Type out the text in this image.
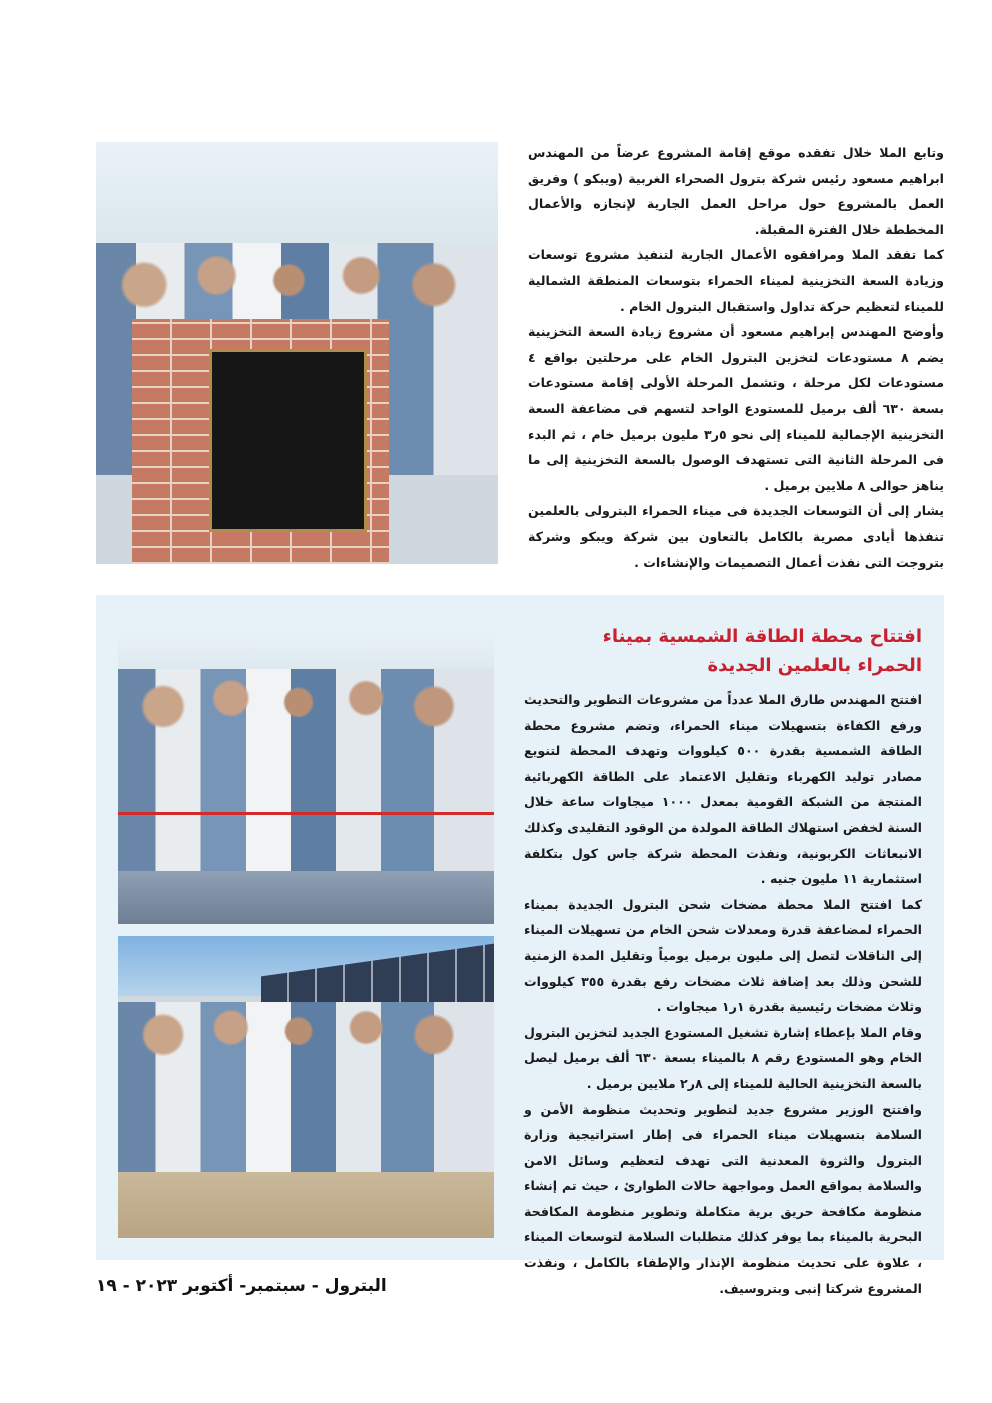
وتابع الملا خلال تفقده موقع إقامة المشروع عرضاً من المهندس ابراهيم مسعود رئيس شركة بترول الصحراء الغربية (ويبكو ) وفريق العمل بالمشروع حول مراحل العمل الجارية لإنجازه والأعمال المخططة خلال الفترة المقبلة.

كما تفقد الملا ومرافقوه الأعمال الجارية لتنفيذ مشروع توسعات وزيادة السعة التخزينية لميناء الحمراء بتوسعات المنطقة الشمالية للميناء لتعظيم حركة تداول واستقبال البترول الخام .

وأوضح المهندس إبراهيم مسعود أن مشروع زيادة السعة التخزينية يضم ٨ مستودعات لتخزين البترول الخام على مرحلتين بواقع ٤ مستودعات لكل مرحلة ، وتشمل المرحلة الأولى إقامة مستودعات بسعة ٦٣٠ ألف برميل للمستودع الواحد لتسهم فى مضاعفة السعة التخزينية الإجمالية للميناء إلى نحو ٥ر٣ مليون برميل خام ، ثم البدء فى المرحلة الثانية التى تستهدف الوصول بالسعة التخزينية إلى ما يناهز حوالى ٨ ملايين برميل .

يشار إلى أن التوسعات الجديدة فى ميناء الحمراء البترولى بالعلمين تنفذها أيادى مصرية بالكامل بالتعاون بين شركة ويبكو وشركة بتروجت التى نفذت أعمال التصميمات والإنشاءات .

افتتاح محطة الطاقة الشمسية بميناء الحمراء بالعلمين الجديدة

افتتح المهندس طارق الملا عدداً من مشروعات التطوير والتحديث ورفع الكفاءة بتسهيلات ميناء الحمراء، وتضم مشروع محطة الطاقة الشمسية بقدرة ٥٠٠ كيلووات وتهدف المحطة لتنويع مصادر توليد الكهرباء وتقليل الاعتماد على الطاقة الكهربائية المنتجة من الشبكة القومية بمعدل ١٠٠٠ ميجاوات ساعة خلال السنة لخفض استهلاك الطاقة المولدة من الوقود التقليدى وكذلك الانبعاثات الكربونية، ونفذت المحطة شركة جاس كول بتكلفة استثمارية ١١ مليون جنيه .

كما افتتح الملا محطة مضخات شحن البترول الجديدة بميناء الحمراء لمضاعفة قدرة ومعدلات شحن الخام من تسهيلات الميناء إلى الناقلات لتصل إلى مليون برميل يومياً وتقليل المدة الزمنية للشحن وذلك بعد إضافة ثلاث مضخات رفع بقدرة ٣٥٥ كيلووات وثلاث مضخات رئيسية بقدرة ١ر١ ميجاوات .

وقام الملا بإعطاء إشارة تشغيل المستودع الجديد لتخزين البترول الخام وهو المستودع رقم ٨ بالميناء بسعة ٦٣٠ ألف برميل ليصل بالسعة التخزينية الحالية للميناء إلى ٨ر٢ ملايين برميل .

وافتتح الوزير مشروع جديد لتطوير وتحديث منظومة الأمن و السلامة بتسهيلات ميناء الحمراء فى إطار استراتيجية وزارة البترول والثروة المعدنية التى تهدف لتعظيم وسائل الامن والسلامة بمواقع العمل ومواجهة حالات الطوارئ ، حيث تم إنشاء منظومة مكافحة حريق برية متكاملة وتطوير منظومة المكافحة البحرية بالميناء بما يوفر كذلك متطلبات السلامة لتوسعات الميناء ، علاوة على تحديث منظومة الإنذار والإطفاء بالكامل ، ونفذت المشروع شركتا إنبى وبتروسيف.

البترول - سبتمبر- أكتوبر ٢٠٢٣ - ١٩
